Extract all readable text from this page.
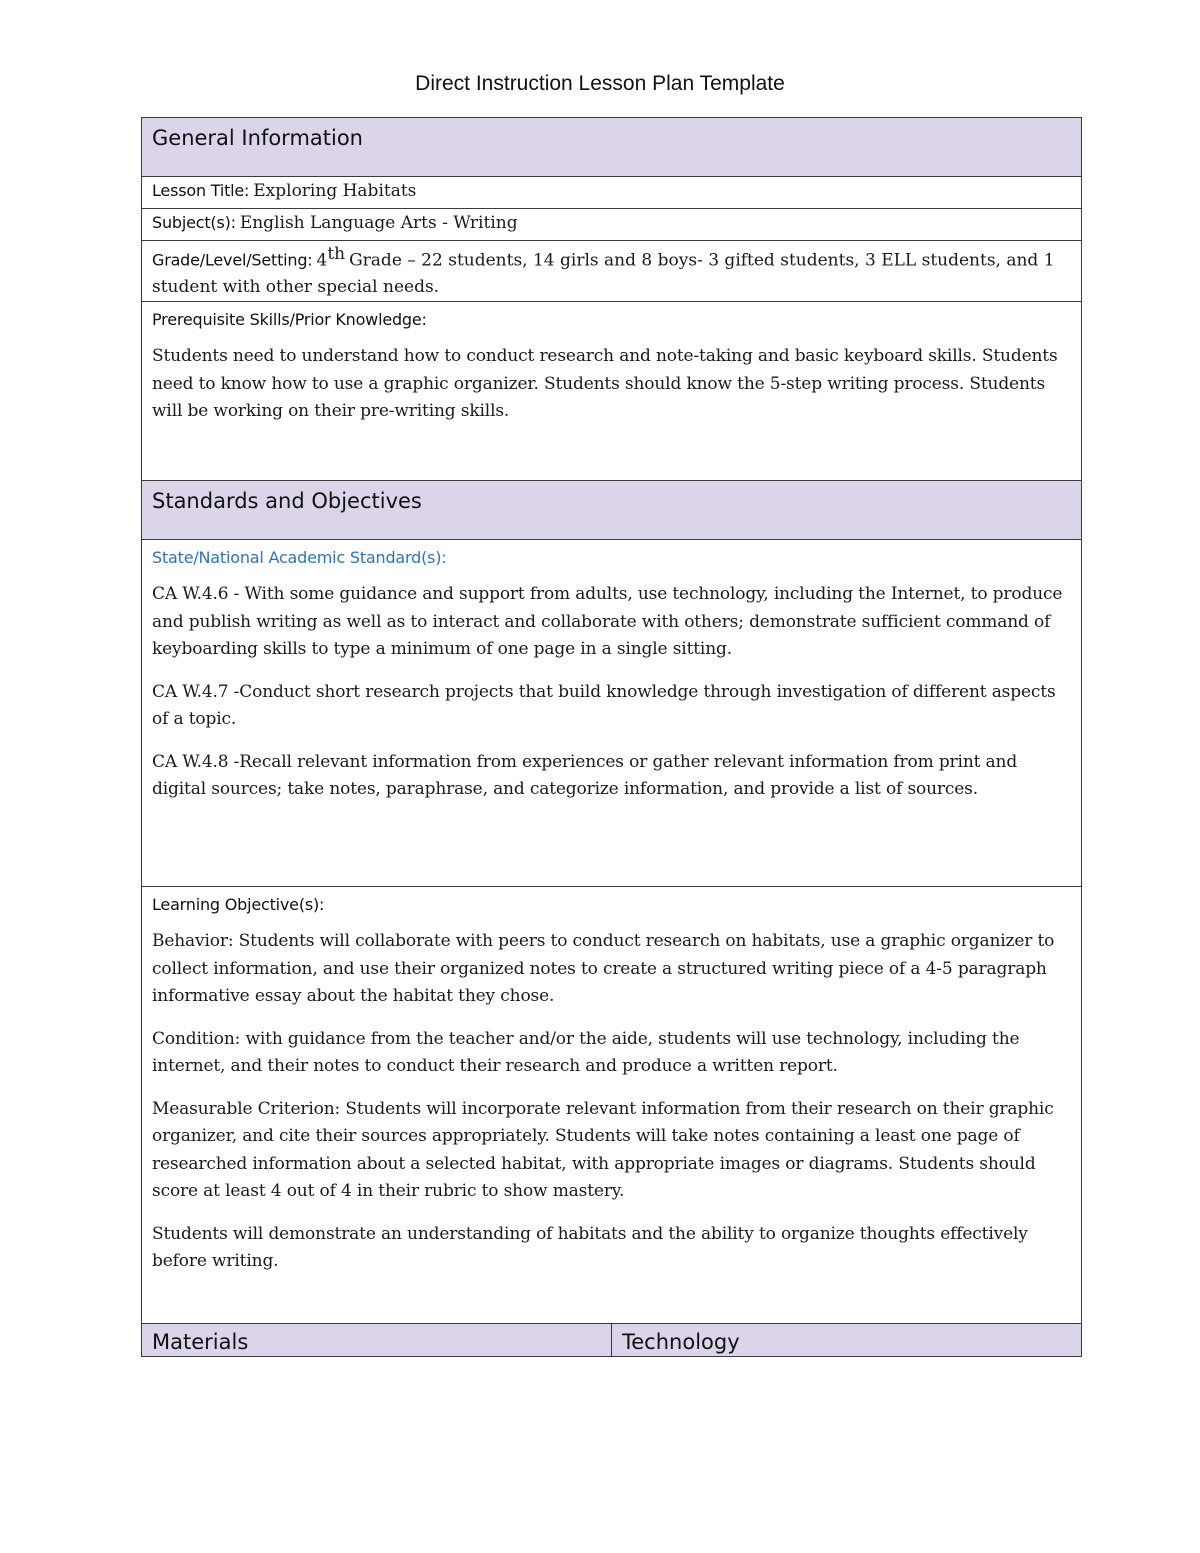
Direct Instruction Lesson Plan Template
General Information
Lesson Title: Exploring Habitats
Subject(s): English Language Arts - Writing
Grade/Level/Setting: 4th Grade – 22 students, 14 girls and 8 boys- 3 gifted students, 3 ELL students, and 1 student with other special needs.

Prerequisite Skills/Prior Knowledge:

Students need to understand how to conduct research and note-taking and basic keyboard skills. Students need to know how to use a graphic organizer. Students should know the 5-step writing process. Students will be working on their pre-writing skills.

Standards and Objectives

State/National Academic Standard(s):

CA W.4.6 - With some guidance and support from adults, use technology, including the Internet, to produce and publish writing as well as to interact and collaborate with others; demonstrate sufficient command of keyboarding skills to type a minimum of one page in a single sitting.

CA W.4.7 -Conduct short research projects that build knowledge through investigation of different aspects of a topic.

CA W.4.8 -Recall relevant information from experiences or gather relevant information from print and digital sources; take notes, paraphrase, and categorize information, and provide a list of sources.

Learning Objective(s):

Behavior: Students will collaborate with peers to conduct research on habitats, use a graphic organizer to collect information, and use their organized notes to create a structured writing piece of a 4-5 paragraph informative essay about the habitat they chose.

Condition: with guidance from the teacher and/or the aide, students will use technology, including the internet, and their notes to conduct their research and produce a written report.

Measurable Criterion: Students will incorporate relevant information from their research on their graphic organizer, and cite their sources appropriately. Students will take notes containing a least one page of researched information about a selected habitat, with appropriate images or diagrams. Students should score at least 4 out of 4 in their rubric to show mastery.

Students will demonstrate an understanding of habitats and the ability to organize thoughts effectively before writing.

Materials	Technology
